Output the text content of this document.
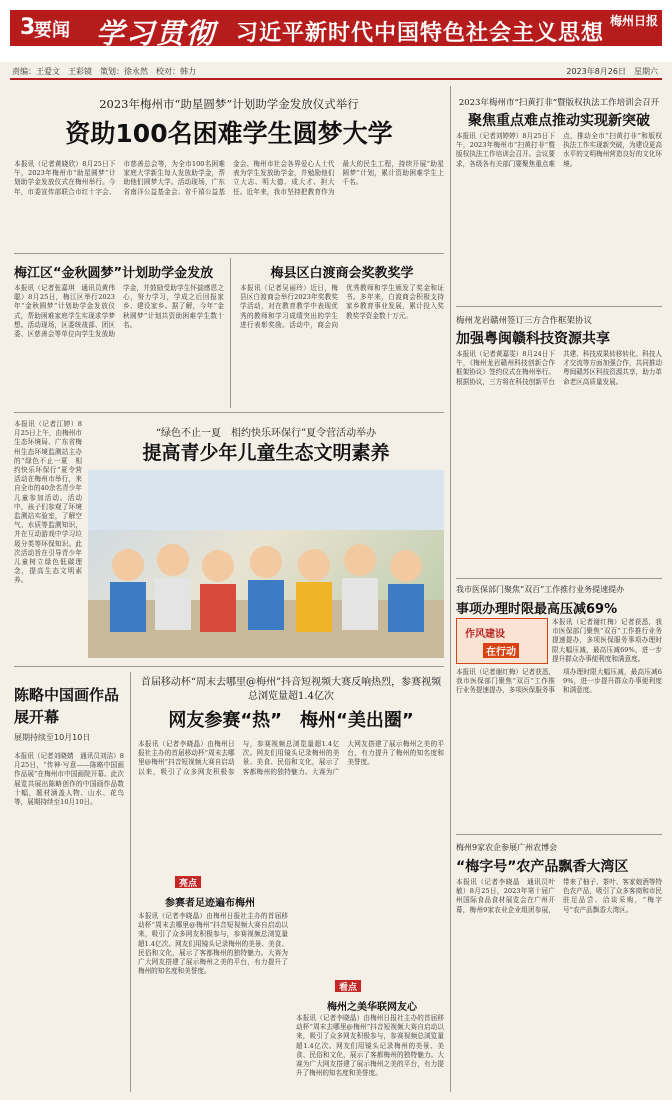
3
要闻 学习贯彻 习近平新时代中国特色社会主义思想 梅州日报
责编：王爱文　王彩镜　策划：徐永然　校对：韩力	2023年8月26日　星期六
2023年梅州市“助星圆梦”计划助学金发放仪式举行
资助100名困难学生圆梦大学
本报讯（记者黄晓欣）8月25日下午，2023年梅州市“助星圆梦”计划助学金发放仪式在梅州举行。今年，市委宣传部联合市红十字会、市慈善总会等，为全市100名困难家庭大学新生每人发放助学金，帮助他们圆梦大学。活动现场，广东省南洋公益基金会、省千禧公益基金会、梅州市社会各界爱心人士代表为学生发放助学金，并勉励他们立大志、明大德、成大才、担大任。近年来，我市坚持把教育作为最大的民生工程，持续开展“助星圆梦”计划，累计资助困难学生上千名。
梅江区“金秋圆梦”计划助学金发放
本报讯（记者张嘉琪　通讯员黄伟聪）8月25日，梅江区举行2023年“金秋圆梦”计划助学金发放仪式，帮助困难家庭学生实现求学梦想。活动现场，区委统战部、团区委、区慈善会等单位向学生发放助学金，并鼓励受助学生怀揣感恩之心，努力学习，学成之后回报家乡、建设家乡。据了解，今年“金秋圆梦”计划共资助困难学生数十名。
梅县区白渡商会奖教奖学
本报讯（记者吴丽玲）近日，梅县区白渡商会举行2023年奖教奖学活动，对在教育教学中表现优秀的教师和学习成绩突出的学生进行表彰奖励。活动中，商会向优秀教师和学生颁发了奖金和证书。多年来，白渡商会积极支持家乡教育事业发展，累计投入奖教奖学资金数十万元。
本报讯（记者江婷）8月25日上午，由梅州市生态环境局、广东省梅州生态环境监测站主办的“绿色不止一夏　相约快乐环保行”夏令营活动在梅州市举行，来自全市的40余名青少年儿童参加活动。活动中，孩子们参观了环境监测站实验室，了解空气、水质等监测知识，并在互动游戏中学习垃圾分类等环保知识。此次活动旨在引导青少年儿童树立绿色低碳理念，提高生态文明素养。
“绿色不止一夏　相约快乐环保行”夏令营活动举办
提高青少年儿童生态文明素养
陈略中国画作品展开幕
展期持续至10月10日
本报讯（记者刘晓婧　通讯员刘洁）8月25日，“传神·写意——陈略中国画作品展”在梅州市中国画院开幕。此次展览共展出陈略创作的中国画作品数十幅，题材涵盖人物、山水、花鸟等，展期持续至10月10日。
首届移动杯“周末去哪里@梅州”抖音短视频大赛反响热烈，参赛视频总浏览量超1.4亿次
网友参赛“热”　梅州“美出圈”
本报讯（记者李晓晶）由梅州日报社主办的首届移动杯“周末去哪里@梅州”抖音短视频大赛自启动以来，吸引了众多网友积极参与，参赛视频总浏览量超1.4亿次。网友们用镜头记录梅州的美景、美食、民俗和文化，展示了客都梅州的独特魅力。大赛为广大网友搭建了展示梅州之美的平台，有力提升了梅州的知名度和美誉度。
亮点
参赛者足迹遍布梅州
看点
梅州之美华联网友心
本报讯（记者李晓晶）由梅州日报社主办的首届移动杯“周末去哪里@梅州”抖音短视频大赛自启动以来，吸引了众多网友积极参与，参赛视频总浏览量超1.4亿次。网友们用镜头记录梅州的美景、美食、民俗和文化，展示了客都梅州的独特魅力。大赛为广大网友搭建了展示梅州之美的平台，有力提升了梅州的知名度和美誉度。
本报讯（记者李晓晶）由梅州日报社主办的首届移动杯“周末去哪里@梅州”抖音短视频大赛自启动以来，吸引了众多网友积极参与，参赛视频总浏览量超1.4亿次。网友们用镜头记录梅州的美景、美食、民俗和文化，展示了客都梅州的独特魅力。大赛为广大网友搭建了展示梅州之美的平台，有力提升了梅州的知名度和美誉度。
2023年梅州市“扫黄打非”暨版权执法工作培训会召开
聚焦重点难点推动实现新突破
本报讯（记者刘婷婷）8月25日下午，2023年梅州市“扫黄打非”暨版权执法工作培训会召开。会议要求，各级各有关部门要聚焦重点难点，推动全市“扫黄打非”和版权执法工作实现新突破，为建设更高水平的文明梅州营造良好的文化环境。
梅州龙岩赣州签订三方合作框架协议
加强粤闽赣科技资源共享
本报讯（记者黄嘉雯）8月24日下午，《梅州龙岩赣州科技创新合作框架协议》签约仪式在梅州举行。根据协议，三方将在科技创新平台共建、科技成果转移转化、科技人才交流等方面加强合作，共同推动粤闽赣苏区科技资源共享，助力革命老区高质量发展。
我市医保部门聚焦“双百”工作推行业务提速提办
事项办理时限最高压减69%
作风建设
在行动
本报讯（记者谢红梅）记者获悉，我市医保部门聚焦“双百”工作推行业务提速提办，多项医保服务事项办理时限大幅压减，最高压减69%，进一步提升群众办事便利度和满意度。
本报讯（记者谢红梅）记者获悉，我市医保部门聚焦“双百”工作推行业务提速提办，多项医保服务事项办理时限大幅压减，最高压减69%，进一步提升群众办事便利度和满意度。
梅州9家农企参展广州农博会
“梅字号”农产品飘香大湾区
本报讯（记者李晓晶　通讯员叶敏）8月25日，2023年第十届广州国际食品食材展览会在广州开幕，梅州9家农业企业组团参展，带来了柚子、茶叶、客家娘酒等特色农产品，吸引了众多客商和市民驻足品尝、洽谈采购，“梅字号”农产品飘香大湾区。
